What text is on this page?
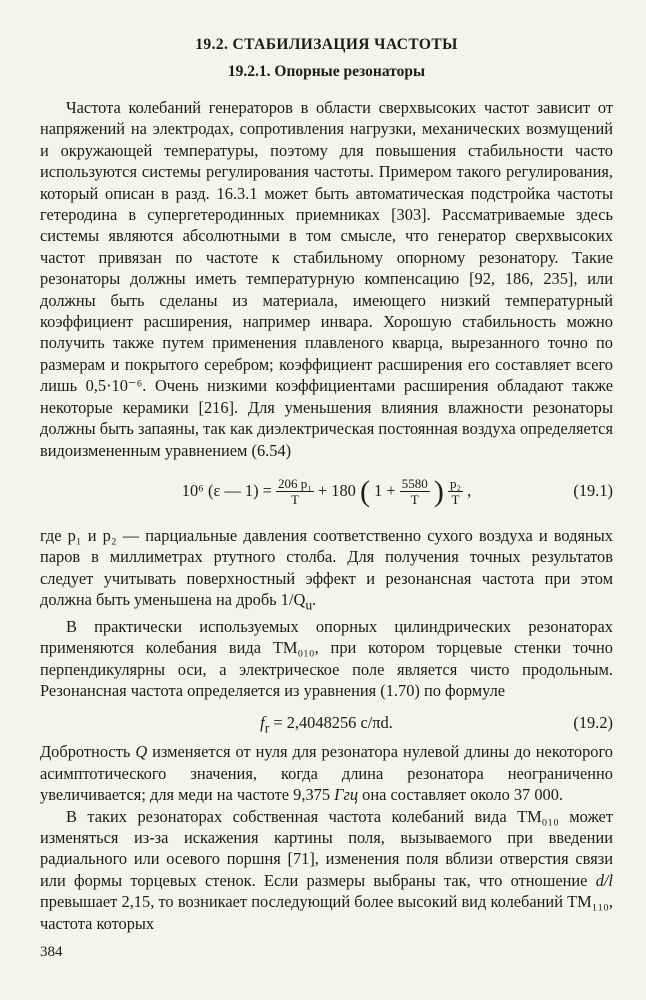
19.2. СТАБИЛИЗАЦИЯ ЧАСТОТЫ
19.2.1. Опорные резонаторы

Частота колебаний генераторов в области сверхвысоких частот зависит от напряжений на электродах, сопротивления нагрузки, механических возмущений и окружающей температуры, поэтому для повышения стабильности часто используются системы регулирования частоты. Примером такого регулирования, который описан в разд. 16.3.1 может быть автоматическая подстройка частоты гетеродина в супергетеродинных приемниках [303]. Рассматриваемые здесь системы являются абсолютными в том смысле, что генератор сверхвысоких частот привязан по частоте к стабильному опорному резонатору. Такие резонаторы должны иметь температурную компенсацию [92, 186, 235], или должны быть сделаны из материала, имеющего низкий температурный коэффициент расширения, например инвара. Хорошую стабильность можно получить также путем применения плавленого кварца, вырезанного точно по размерам и покрытого серебром; коэффициент расширения его составляет всего лишь 0,5·10⁻⁶. Очень низкими коэффициентами расширения обладают также некоторые керамики [216]. Для уменьшения влияния влажности резонаторы должны быть запаяны, так как диэлектрическая постоянная воздуха определяется видоизмененным уравнением (6.54)

10⁶ (ε — $1) = \frac{\text{206 p₁}}{T} + 180$ ( $1 + \frac{5580}{T}$ ) $\frac{\text{p₂}}{T}$ ,	(19.1)

где p₁ и p₂ — парциальные давления соответственно сухого воздуха и водяных паров в миллиметрах ртутного столба. Для получения точных результатов следует учитывать поверхностный эффект и резонансная частота при этом должна быть уменьшена на дробь $1/Q_u$.

В практически используемых опорных цилиндрических резонаторах применяются колебания вида TM₀₁₀, при котором торцевые стенки точно перпендикулярны оси, а электрическое поле является чисто продольным. Резонансная частота определяется из уравнения (1.70) по формуле

$f_r = 2,4048256$ c/πd.	(19.2)

Добротность Q изменяется от нуля для резонатора нулевой длины до некоторого асимптотического значения, когда длина резонатора неограниченно увеличивается; для меди на частоте 9,375 Ггц она составляет около 37 000.

В таких резонаторах собственная частота колебаний вида TM₀₁₀ может изменяться из-за искажения картины поля, вызываемого при введении радиального или осевого поршня [71], изменения поля вблизи отверстия связи или формы торцевых стенок. Если размеры выбраны так, что отношение d/l превышает 2,15, то возникает последующий более высокий вид колебаний TM₁₁₀, частота которых

384
